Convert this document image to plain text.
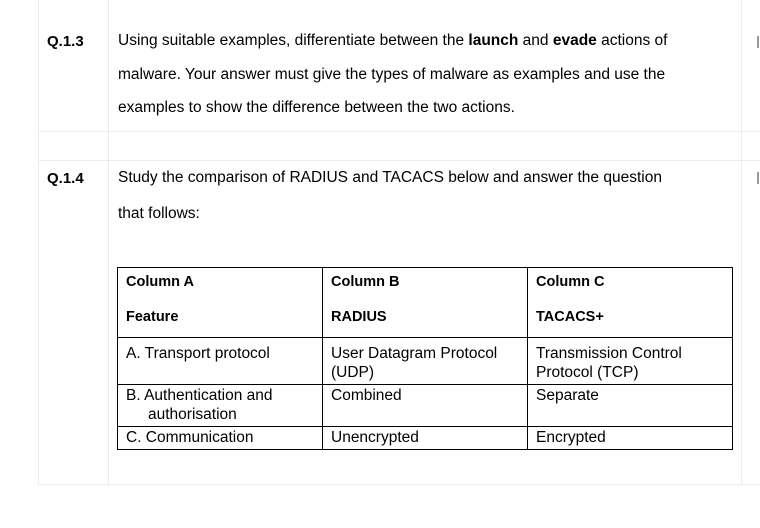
Q.1.3 Using suitable examples, differentiate between the launch and evade actions of
malware. Your answer must give the types of malware as examples and use the
examples to show the difference between the two actions.
Q.1.4 Study the comparison of RADIUS and TACACS below and answer the question
that follows:
Column A	Column B	Column C
Feature	RADIUS	TACACS+

A. Transport protocol	User Datagram Protocol (UDP)	Transmission Control Protocol (TCP)

B. Authentication and authorisation	Combined	Separate

C. Communication	Unencrypted	Encrypted
